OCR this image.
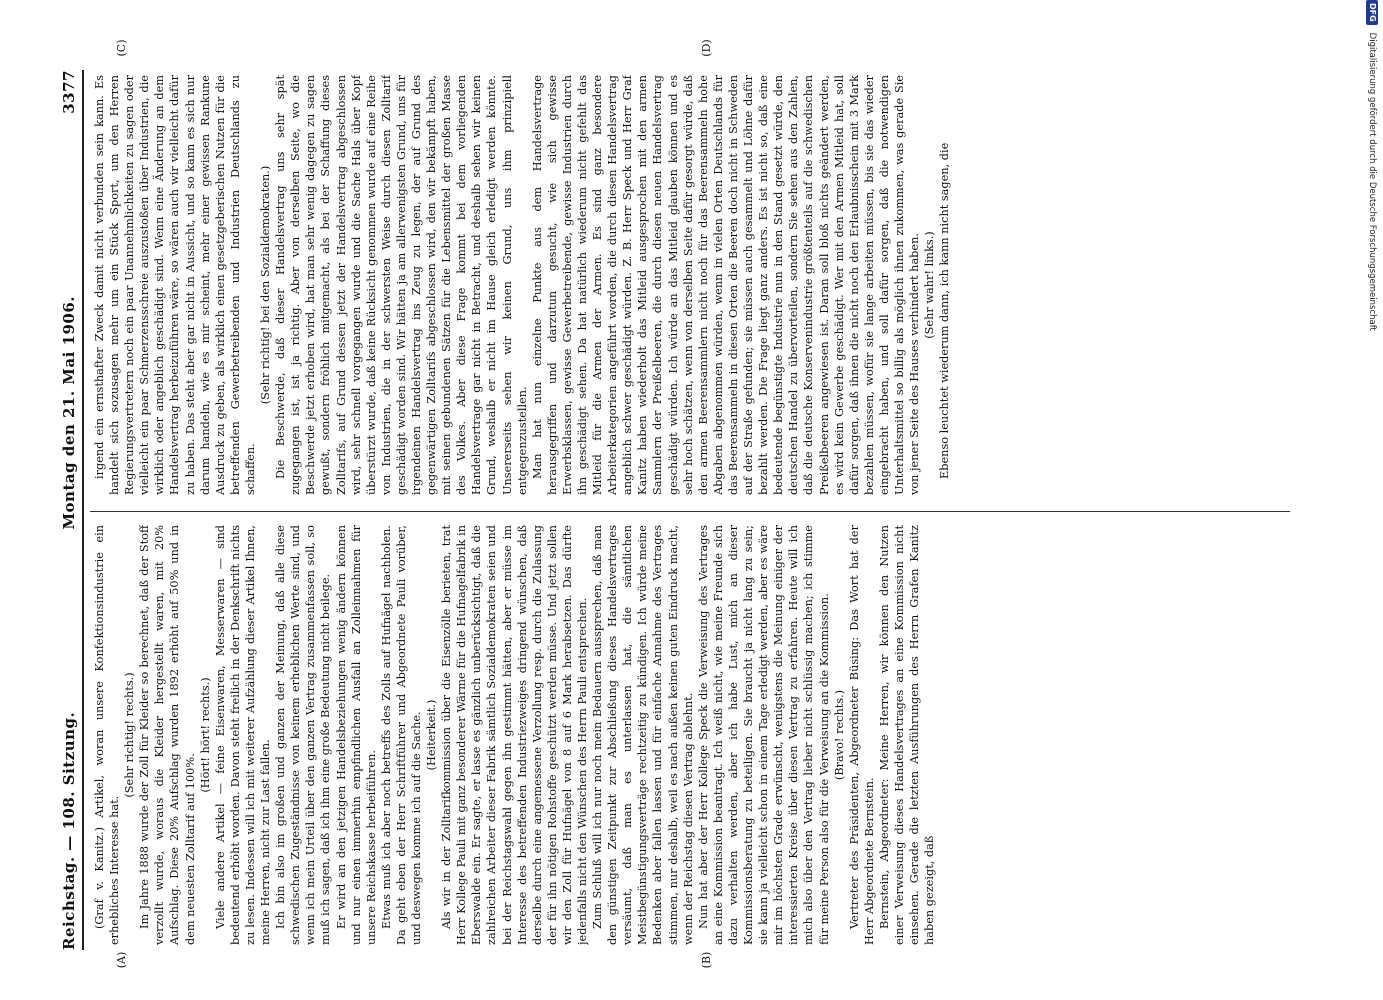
Reichstag. — 108. Sitzung.
Montag den 21. Mai 1906.
3377
(A)	(B)
(C)	(D)

(Graf v. Kanitz.) Artikel, woran unsere Konfektionsindustrie ein erhebliches Interesse hat.

(Sehr richtig! rechts.) Im Jahre 1888 wurde der Zoll für Kleider so berechnet, daß der Stoff verzollt wurde, woraus die Kleider hergestellt waren, mit 20% Aufschlag. Diese 20% Aufschlag wurden 1892 erhöht auf 50% und in dem neuesten Zolltarif auf 100%.

(Hört! hört! rechts.) Viele andere Artikel — feine Eisenwaren, Messerwaren — sind bedeutend erhöht worden. Davon steht freilich in der Denkschrift nichts zu lesen. Indessen will ich mit weiterer Aufzählung dieser Artikel Ihnen, meine Herren, nicht zur Last fallen. Ich bin also im großen und ganzen der Meinung, daß alle diese schwedischen Zugeständnisse von keinem erheblichen Werte sind, und wenn ich mein Urteil über den ganzen Vertrag zusammenfassen soll, so muß ich sagen, daß ich ihm eine große Bedeutung nicht beilege. Er wird an den jetzigen Handelsbeziehungen wenig ändern können und nur einen immerhin empfindlichen Ausfall an Zolleinnahmen für unsere Reichskasse herbeiführen. Etwas muß ich aber noch betreffs des Zolls auf Hufnägel nachholen. Da geht eben der Herr Schriftführer und Abgeordnete Pauli vorüber, und deswegen komme ich auf die Sache. (Heiterkeit.) Als wir in der Zolltarifkommission über die Eisenzölle berieten, trat Herr Kollege Pauli mit ganz besonderer Wärme für die Hufnagelfabrik in Eberswalde ein. Er sagte, er lasse es gänzlich unberücksichtigt, daß die zahlreichen Arbeiter dieser Fabrik sämtlich Sozialdemokraten seien und bei der Reichstagswahl gegen ihn gestimmt hätten, aber er müsse im Interesse des betreffenden Industriezweiges dringend wünschen, daß derselbe durch eine angemessene Verzollung resp. durch die Zulassung der für ihn nötigen Rohstoffe geschützt werden müsse. Und jetzt sollen wir den Zoll für Hufnägel von 8 auf 6 Mark herabsetzen. Das dürfte jedenfalls nicht den Wünschen des Herrn Pauli entsprechen. Zum Schluß will ich nur noch mein Bedauern aussprechen, daß man den günstigen Zeitpunkt zur Abschließung dieses Handelsvertrages versäumt, daß man es unterlassen hat, die sämtlichen Meistbegünstigungsverträge rechtzeitig zu kündigen. Ich würde meine Bedenken aber fallen lassen und für einfache Annahme des Vertrages stimmen, nur deshalb, weil es nach außen keinen guten Eindruck macht, wenn der Reichstag diesen Vertrag ablehnt. Nun hat aber der Herr Kollege Speck die Verweisung des Vertrages an eine Kommission beantragt. Ich weiß nicht, wie meine Freunde sich dazu verhalten werden, aber ich habe Lust, mich an dieser Kommissionsberatung zu beteiligen. Sie braucht ja nicht lang zu sein; sie kann ja vielleicht schon in einem Tage erledigt werden, aber es wäre mir im höchsten Grade erwünscht, wenigstens die Meinung einiger der interessierten Kreise über diesen Vertrag zu erfahren. Heute will ich mich also über den Vertrag lieber nicht schlüssig machen; ich stimme für meine Person also für die Verweisung an die Kommission. (Bravo! rechts.) Vertreter des Präsidenten, Abgeordneter Büsing: Das Wort hat der Herr Abgeordnete Bernstein. Bernstein, Abgeordneter: Meine Herren, wir können den Nutzen einer Verweisung dieses Handelsvertrages an eine Kommission nicht einsehen. Gerade die letzten Ausführungen des Herrn Grafen Kanitz haben gezeigt, daß

irgend ein ernsthafter Zweck damit nicht verbunden sein kann. Es handelt sich sozusagen mehr um ein Stück Sport, um den Herren Regierungsvertretern noch ein paar Unannehmlichkeiten zu sagen oder vielleicht ein paar Schmerzensschreie auszustoßen über Industrien, die wirklich oder angeblich geschädigt sind. Wenn eine Änderung an dem Handelsvertrag herbeizuführen wäre, so wären auch wir vielleicht dafür zu haben. Das steht aber gar nicht in Aussicht, und so kann es sich nur darum handeln, wie es mir scheint, mehr einer gewissen Rankune Ausdruck zu geben, als wirklich einen gesetzgeberischen Nutzen für die betreffenden Gewerbetreibenden und Industrien Deutschlands zu schaffen.

(Sehr richtig! bei den Sozialdemokraten.) Die Beschwerde, daß dieser Handelsvertrag uns sehr spät zugegangen ist, ist ja richtig. Aber von derselben Seite, wo die Beschwerde jetzt erhoben wird, hat man sehr wenig dagegen zu sagen gewußt, sondern fröhlich mitgemacht, als bei der Schaffung dieses Zolltarifs, auf Grund dessen jetzt der Handelsvertrag abgeschlossen wird, sehr schnell vorgegangen wurde und die Sache Hals über Kopf überstürzt wurde, daß keine Rücksicht genommen wurde auf eine Reihe von Industrien, die in der schwersten Weise durch diesen Zolltarif geschädigt worden sind. Wir hätten ja am allerwenigsten Grund, uns für irgendeinen Handelsvertrag ins Zeug zu legen, der auf Grund des gegenwärtigen Zolltarifs abgeschlossen wird, den wir bekämpft haben, mit seinen gebundenen Sätzen für die Lebensmittel der großen Masse des Volkes. Aber diese Frage kommt bei dem vorliegenden Handelsvertrage gar nicht in Betracht, und deshalb sehen wir keinen Grund, weshalb er nicht im Hause gleich erledigt werden könnte. Unsererseits sehen wir keinen Grund, uns ihm prinzipiell entgegenzustellen. Man hat nun einzelne Punkte aus dem Handelsvertrage herausgegriffen und darzutun gesucht, wie sich gewisse Erwerbsklassen, gewisse Gewerbetreibende, gewisse Industrien durch ihn geschädigt sehen. Da hat natürlich wiederum nicht gefehlt das Mitleid für die Armen der Armen. Es sind ganz besondere Arbeiterkategorien angeführt worden, die durch diesen Handelsvertrag angeblich schwer geschädigt würden. Z. B. Herr Speck und Herr Graf Kanitz haben wiederholt das Mitleid ausgesprochen mit den armen Sammlern der Preißelbeeren, die durch diesen neuen Handelsvertrag geschädigt würden. Ich würde an das Mitleid glauben können und es sehr hoch schätzen, wenn von derselben Seite dafür gesorgt würde, daß den armen Beerensammlern nicht noch für das Beerensammeln hohe Abgaben abgenommen würden, wenn in vielen Orten Deutschlands für das Beerensammeln in diesen Orten die Beeren doch nicht in Schweden auf der Straße gefunden; sie müssen auch gesammelt und Löhne dafür bezahlt werden. Die Frage liegt ganz anders. Es ist nicht so, daß eine bedeutende begünstigte Industrie nun in den Stand gesetzt würde, den deutschen Handel zu übervorteilen, sondern Sie sehen aus den Zahlen, daß die deutsche Konservenindustrie größtenteils auf die schwedischen Preißelbeeren angewiesen ist. Daran soll bloß nichts geändert werden, es wird kein Gewerbe geschädigt. Wer mit den Armen Mitleid hat, soll dafür sorgen, daß ihnen die nicht noch den Erlaubnisschein mit 3 Mark bezahlen müssen, wofür sie lange arbeiten müssen, bis sie das wieder eingebracht haben, und soll dafür sorgen, daß die notwendigen Unterhaltsmittel so billig als möglich ihnen zukommen, was gerade Sie von jener Seite des Hauses verhindert haben. (Sehr wahr! links.) Ebenso leuchtet wiederum dann, ich kann nicht sagen, die

DFG
Digitalisierung gefördert durch die Deutsche Forschungsgemeinschaft
